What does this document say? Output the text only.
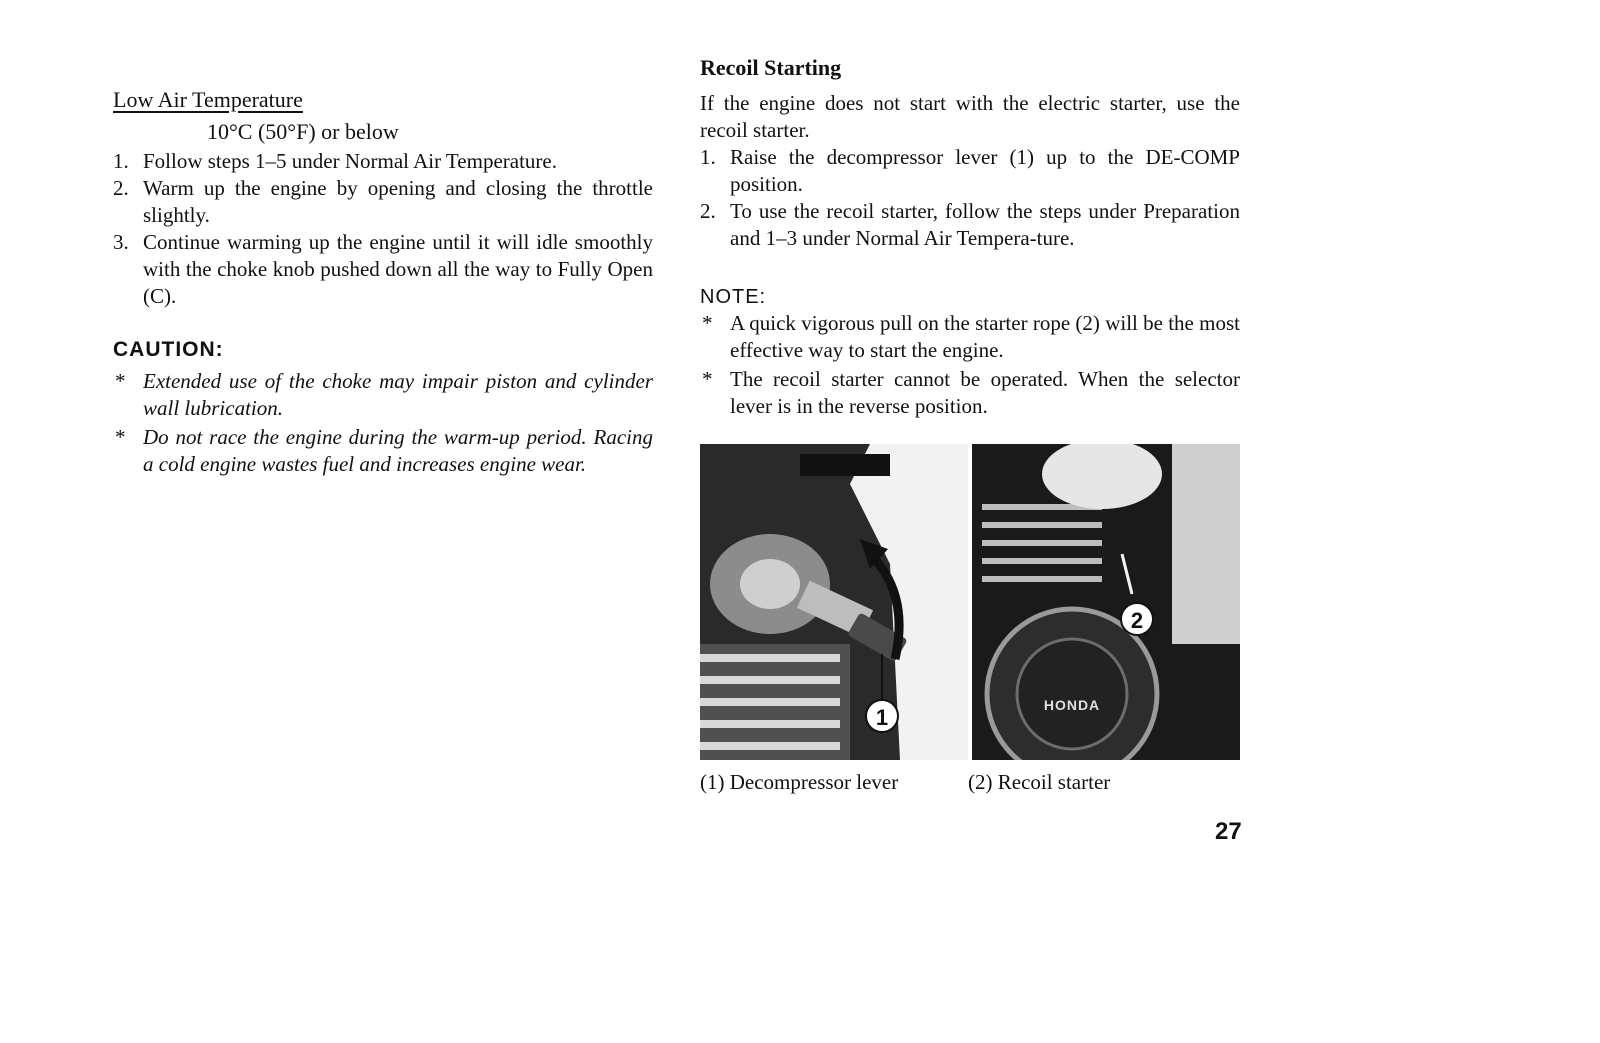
Low Air Temperature
10°C (50°F) or below
1. Follow steps 1–5 under Normal Air Temperature.
2. Warm up the engine by opening and closing the throttle slightly.
3. Continue warming up the engine until it will idle smoothly with the choke knob pushed down all the way to Fully Open (C).
CAUTION:
* Extended use of the choke may impair piston and cylinder wall lubrication.
* Do not race the engine during the warm-up period. Racing a cold engine wastes fuel and increases engine wear.
Recoil Starting
If the engine does not start with the electric starter, use the recoil starter.
1. Raise the decompressor lever (1) up to the DE-COMP position.
2. To use the recoil starter, follow the steps under Preparation and 1–3 under Normal Air Tempera-ture.
NOTE:
* A quick vigorous pull on the starter rope (2) will be the most effective way to start the engine.
* The recoil starter cannot be operated. When the selector lever is in the reverse position.
1	HONDA
2
(1) Decompressor lever	(2) Recoil starter
27
